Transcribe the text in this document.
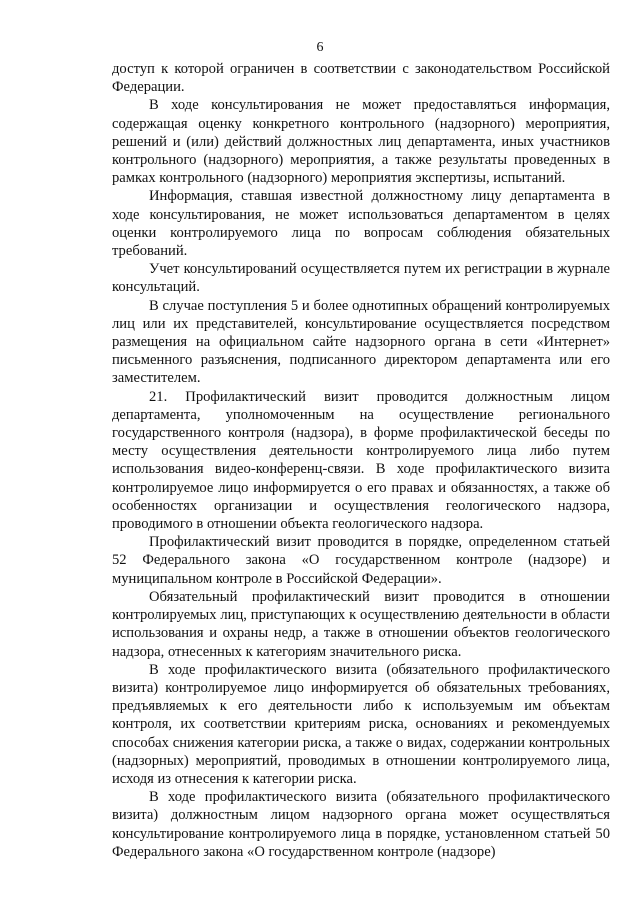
6

доступ к которой ограничен в соответствии с законодательством Российской Федерации.

В ходе консультирования не может предоставляться информация, содержащая оценку конкретного контрольного (надзорного) мероприятия, решений и (или) действий должностных лиц департамента, иных участников контрольного (надзорного) мероприятия, а также результаты проведенных в рамках контрольного (надзорного) мероприятия экспертизы, испытаний.

Информация, ставшая известной должностному лицу департамента в ходе консультирования, не может использоваться департаментом в целях оценки контролируемого лица по вопросам соблюдения обязательных требований.

Учет консультирований осуществляется путем их регистрации в журнале консультаций.

В случае поступления 5 и более однотипных обращений контролируемых лиц или их представителей, консультирование осуществляется посредством размещения на официальном сайте надзорного органа в сети «Интернет» письменного разъяснения, подписанного директором департамента или его заместителем.

21. Профилактический визит проводится должностным лицом департамента, уполномоченным на осуществление регионального государственного контроля (надзора), в форме профилактической беседы по месту осуществления деятельности контролируемого лица либо путем использования видео-конференц-связи. В ходе профилактического визита контролируемое лицо информируется о его правах и обязанностях, а также об особенностях организации и осуществления геологического надзора, проводимого в отношении объекта геологического надзора.

Профилактический визит проводится в порядке, определенном статьей 52 Федерального закона «О государственном контроле (надзоре) и муниципальном контроле в Российской Федерации».

Обязательный профилактический визит проводится в отношении контролируемых лиц, приступающих к осуществлению деятельности в области использования и охраны недр, а также в отношении объектов геологического надзора, отнесенных к категориям значительного риска.

В ходе профилактического визита (обязательного профилактического визита) контролируемое лицо информируется об обязательных требованиях, предъявляемых к его деятельности либо к используемым им объектам контроля, их соответствии критериям риска, основаниях и рекомендуемых способах снижения категории риска, а также о видах, содержании контрольных (надзорных) мероприятий, проводимых в отношении контролируемого лица, исходя из отнесения к категории риска.

В ходе профилактического визита (обязательного профилактического визита) должностным лицом надзорного органа может осуществляться консультирование контролируемого лица в порядке, установленном статьей 50 Федерального закона «О государственном контроле (надзоре)
